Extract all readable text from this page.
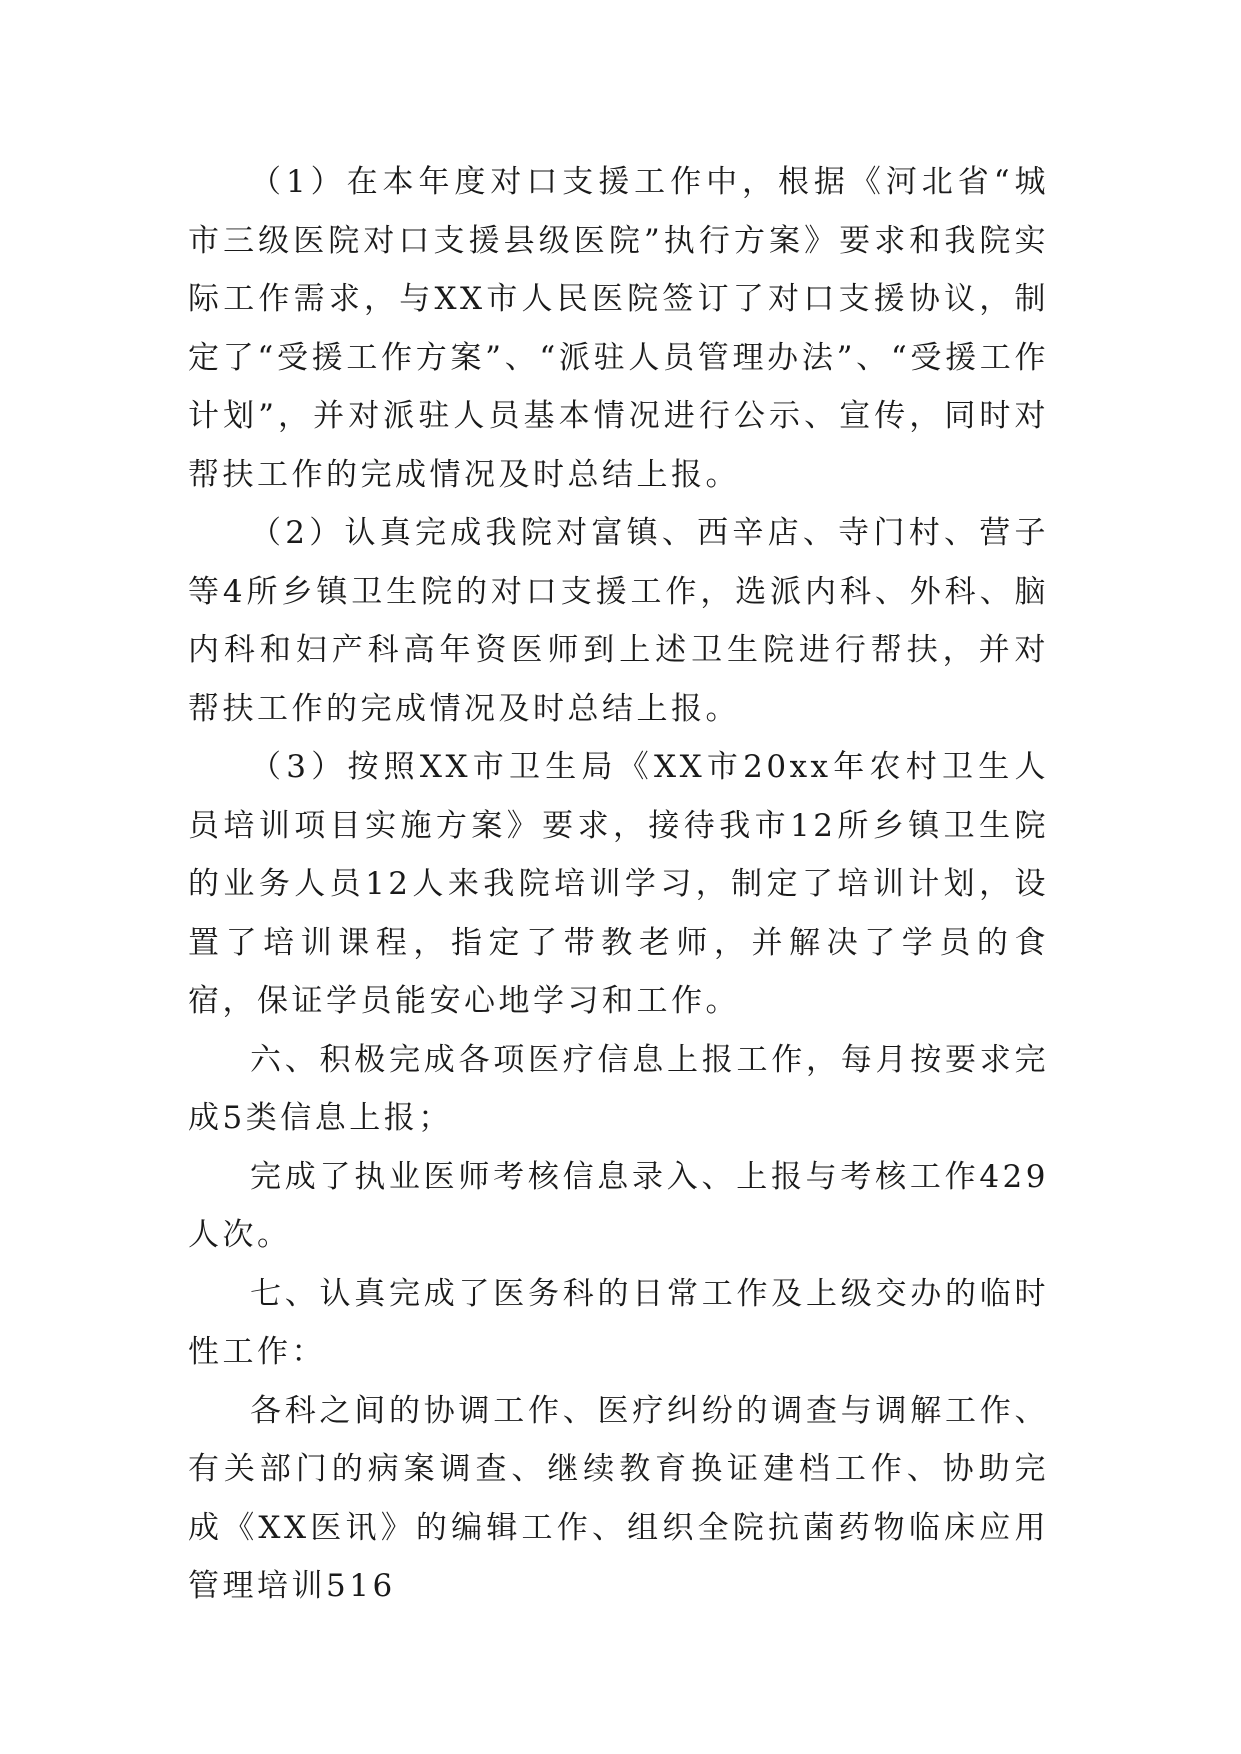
（1）在本年度对口支援工作中，根据《河北省“城市三级医院对口支援县级医院”执行方案》要求和我院实际工作需求，与XX市人民医院签订了对口支援协议，制定了“受援工作方案”、“派驻人员管理办法”、“受援工作计划”，并对派驻人员基本情况进行公示、宣传，同时对帮扶工作的完成情况及时总结上报。

（2）认真完成我院对富镇、西辛店、寺门村、营子等4所乡镇卫生院的对口支援工作，选派内科、外科、脑内科和妇产科高年资医师到上述卫生院进行帮扶，并对帮扶工作的完成情况及时总结上报。

（3）按照XX市卫生局《XX市20xx年农村卫生人员培训项目实施方案》要求，接待我市12所乡镇卫生院的业务人员12人来我院培训学习，制定了培训计划，设置了培训课程，指定了带教老师，并解决了学员的食宿，保证学员能安心地学习和工作。

六、积极完成各项医疗信息上报工作，每月按要求完成5类信息上报；

完成了执业医师考核信息录入、上报与考核工作429人次。

七、认真完成了医务科的日常工作及上级交办的临时性工作：

各科之间的协调工作、医疗纠纷的调查与调解工作、有关部门的病案调查、继续教育换证建档工作、协助完成《XX医讯》的编辑工作、组织全院抗菌药物临床应用管理培训516
